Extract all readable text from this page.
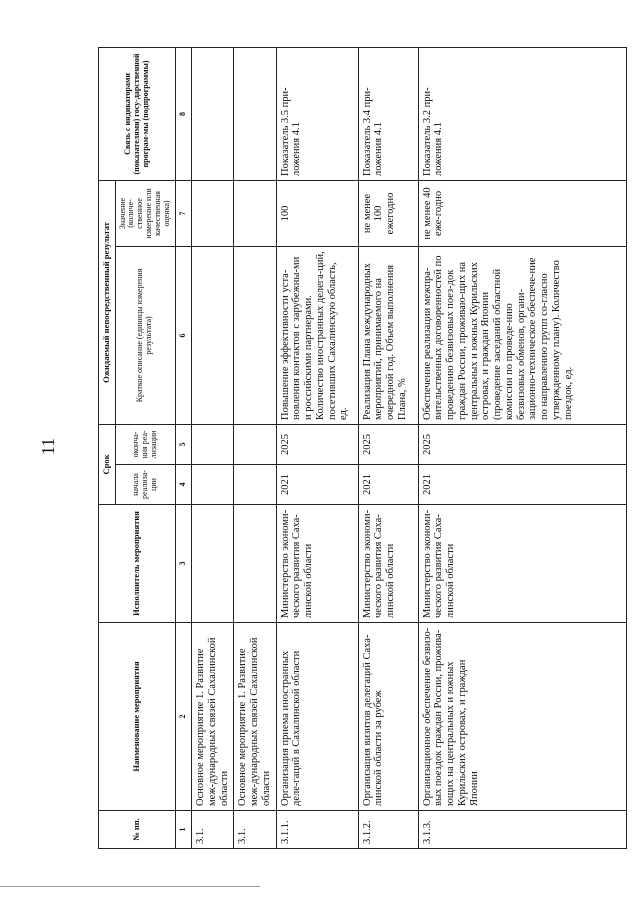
11
№ пп.	Наименование мероприятия	Исполнитель мероприятия	Срок		Ожидаемый непосредственный результат		Связь с индикаторами (показателями) госу-дарственной програм-мы (подпрограммы)
			начала реализа-ции	оконча-ния реа-лизации	Краткое описание (единицы измерения результата)	Значение (количе-ственное измерение или качественная оценка)	
1	2	3	4	5	6	7	8
3.1.	Основное мероприятие 1. Развитие меж-дународных связей Сахалинской области						
3.1.	Основное мероприятие 1. Развитие меж-дународных связей Сахалинской области						
3.1.1.	Организация приема иностранных деле-гаций в Сахалинской области	Министерство экономи-ческого развития Саха-линской области	2021	2025	Повышение эффективности уста-новления контактов с зарубежны-ми и российскими партнерами. Количество иностранных делега-ций, посетивших Сахалинскую область, ед.	100	Показатель 3.5 при-ложения 4.1
3.1.2.	Организация визитов делегаций Саха-линской области за рубеж	Министерство экономи-ческого развития Саха-линской области	2021	2025	Реализация Плана международных мероприятий, принимаемого на очередной год. Объем выполнения Плана, %	не менее 100 ежегодно	Показатель 3.4 при-ложения 4.1
3.1.3.	Организационное обеспечение безвизо-вых поездок граждан России, прожива-ющих на центральных и южных Курильских островах, и граждан Японии	Министерство экономи-ческого развития Саха-линской области	2021	2025	Обеспечение реализации межпра-вительственных договоренностей по проведению безвизовых поез-док граждан России, проживаю-щих на центральных и южных Курильских островах, и граждан Японии (проведение заседаний областной комиссии по проведе-нию безвизовых обменов, органи-зационно-техническое обеспече-ние по направлению групп со-гласно утвержденному плану). Количество поездок, ед.	не менее 40 еже-годно	Показатель 3.2 при-ложения 4.1
